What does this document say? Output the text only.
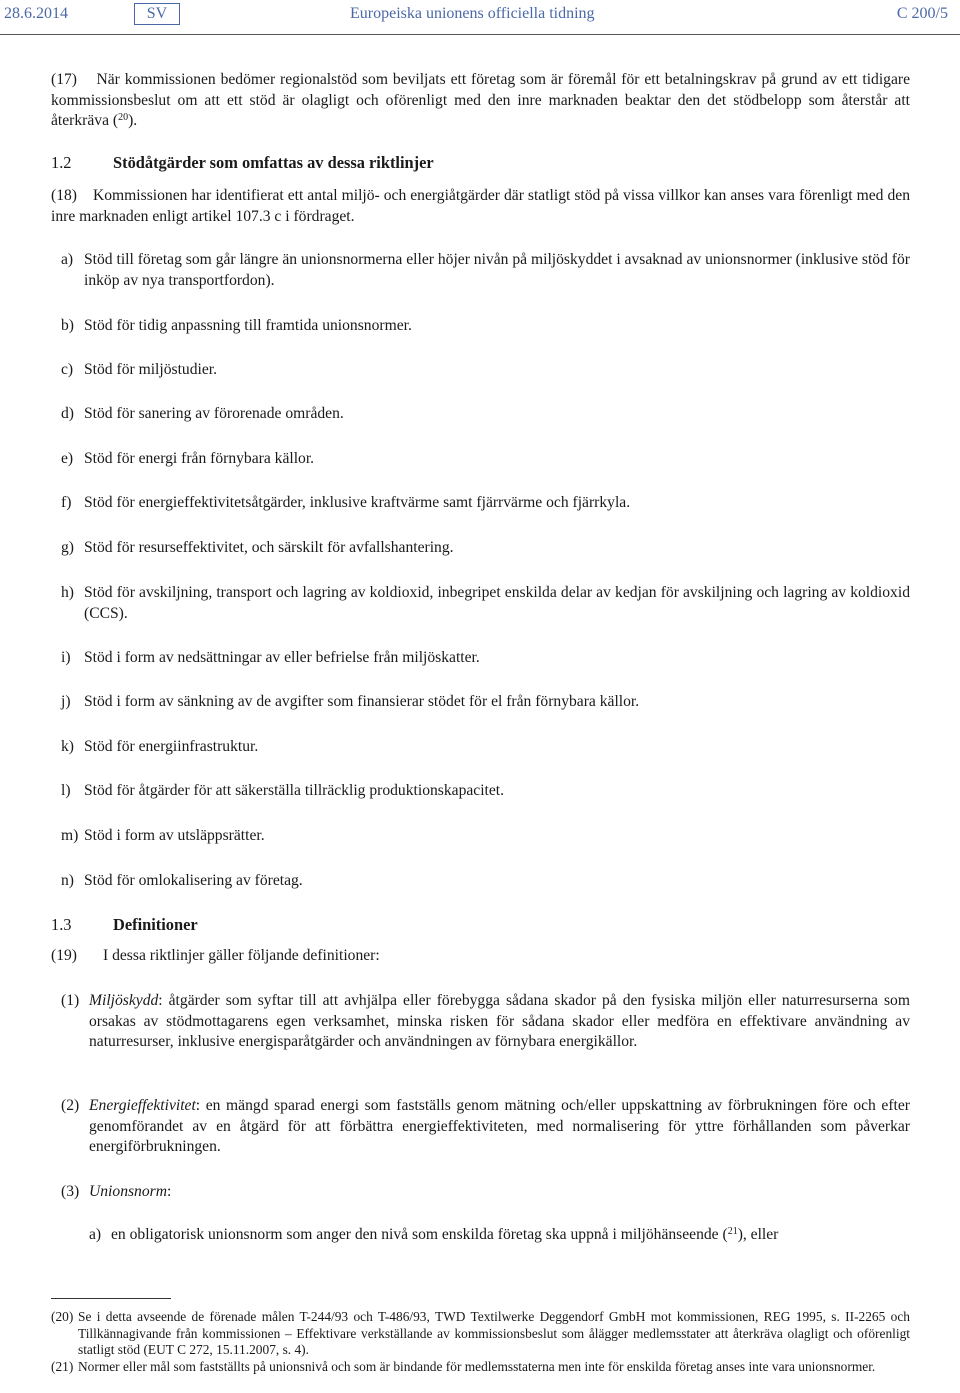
28.6.2014	SV	Europeiska unionens officiella tidning	C 200/5
(17) När kommissionen bedömer regionalstöd som beviljats ett företag som är föremål för ett betalningskrav på grund av ett tidigare kommissionsbeslut om att ett stöd är olagligt och oförenligt med den inre marknaden beaktar den det stödbelopp som återstår att återkräva ($^{20}$).
1.2	Stödåtgärder som omfattas av dessa riktlinjer
(18) Kommissionen har identifierat ett antal miljö- och energiåtgärder där statligt stöd på vissa villkor kan anses vara förenligt med den inre marknaden enligt artikel 107.3 c i fördraget.
a) Stöd till företag som går längre än unionsnormerna eller höjer nivån på miljöskyddet i avsaknad av unionsnormer (inklusive stöd för inköp av nya transportfordon).
b) Stöd för tidig anpassning till framtida unionsnormer.
c) Stöd för miljöstudier.
d) Stöd för sanering av förorenade områden.
e) Stöd för energi från förnybara källor.
f) Stöd för energieffektivitetsåtgärder, inklusive kraftvärme samt fjärrvärme och fjärrkyla.
g) Stöd för resurseffektivitet, och särskilt för avfallshantering.
h) Stöd för avskiljning, transport och lagring av koldioxid, inbegripet enskilda delar av kedjan för avskiljning och lagring av koldioxid (CCS).
i) Stöd i form av nedsättningar av eller befrielse från miljöskatter.
j) Stöd i form av sänkning av de avgifter som finansierar stödet för el från förnybara källor.
k) Stöd för energiinfrastruktur.
l) Stöd för åtgärder för att säkerställa tillräcklig produktionskapacitet.
m) Stöd i form av utsläppsrätter.
n) Stöd för omlokalisering av företag.
1.3	Definitioner
(19) I dessa riktlinjer gäller följande definitioner:
(1) Miljöskydd: åtgärder som syftar till att avhjälpa eller förebygga sådana skador på den fysiska miljön eller naturresurserna som orsakas av stödmottagarens egen verksamhet, minska risken för sådana skador eller medföra en effektivare användning av naturresurser, inklusive energisparåtgärder och användningen av förnybara energikällor.
(2) Energieffektivitet: en mängd sparad energi som fastställs genom mätning och/eller uppskattning av förbrukningen före och efter genomförandet av en åtgärd för att förbättra energieffektiviteten, med normalisering för yttre förhållanden som påverkar energiförbrukningen.
(3) Unionsnorm:
a) en obligatorisk unionsnorm som anger den nivå som enskilda företag ska uppnå i miljöhänseende ($^{21}$), eller
(20) Se i detta avseende de förenade målen T-244/93 och T-486/93, TWD Textilwerke Deggendorf GmbH mot kommissionen, REG 1995, s. II-2265 och Tillkännagivande från kommissionen – Effektivare verkställande av kommissionsbeslut som ålägger medlemsstater att återkräva olagligt och oförenligt statligt stöd (EUT C 272, 15.11.2007, s. 4).
(21) Normer eller mål som fastställts på unionsnivå och som är bindande för medlemsstaterna men inte för enskilda företag anses inte vara unionsnormer.
